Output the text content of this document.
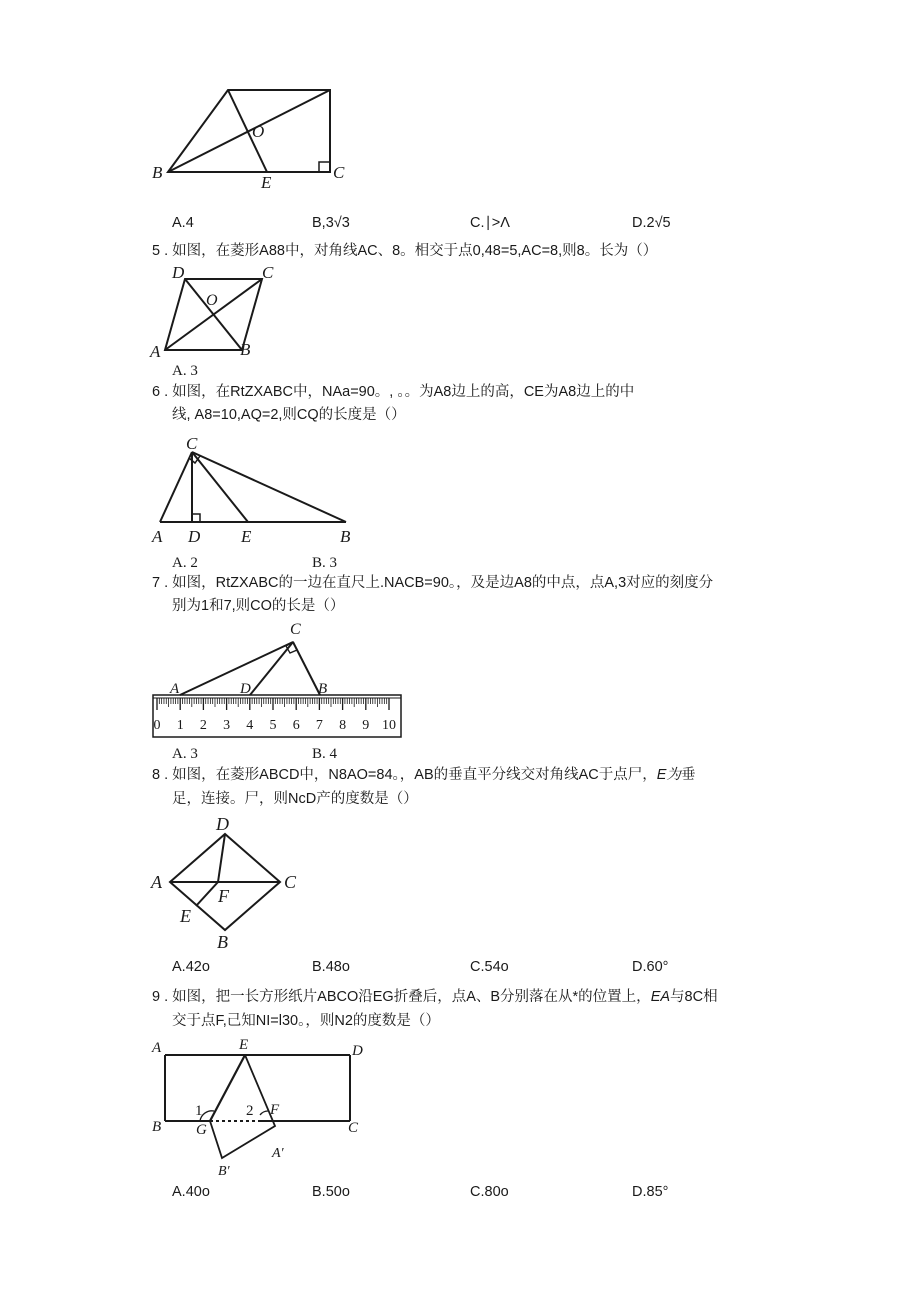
O
B
E
C
A.4	B,3√3	C.∣>Λ	D.2√5
5 . 如图，在菱形A88中，对角线AC、8。相交于点0,48=5,AC=8,则8。长为（）
D	C
O
A	B
A. 3
6 . 如图，在RtZXABC中，NAa=90。, 。。为A8边上的高，CE为A8边上的中
线, A8=10,AQ=2,则CQ的长度是（）
C
A D E	B
A. 2	B. 3
7 . 如图，RtZXABC的一边在直尺上.NACB=90。，及是边A8的中点，点A,3对应的刻度分
别为1和7,则CO的长是（）
0 1 2 3 4 5 6 7 8 9 10
C
A	D	B
A. 3	B. 4
8 . 如图，在菱形ABCD中，N8AO=84。，AB的垂直平分线交对角线AC于点尸，E为垂
足，连接。尸，则NcD产的度数是（）
D
A
F
C
E
B
A.42o	B.48o	C.54o	D.60°
9 . 如图，把一长方形纸片ABCO沿EG折叠后，点A、B分别落在从*的位置上，EA与8C相
交于点F,己知NI=l30。，则N2的度数是（）
A	E	D
1	2 F
B G	C
B′
A′
A.40o	B.50o	C.80o	D.85°
